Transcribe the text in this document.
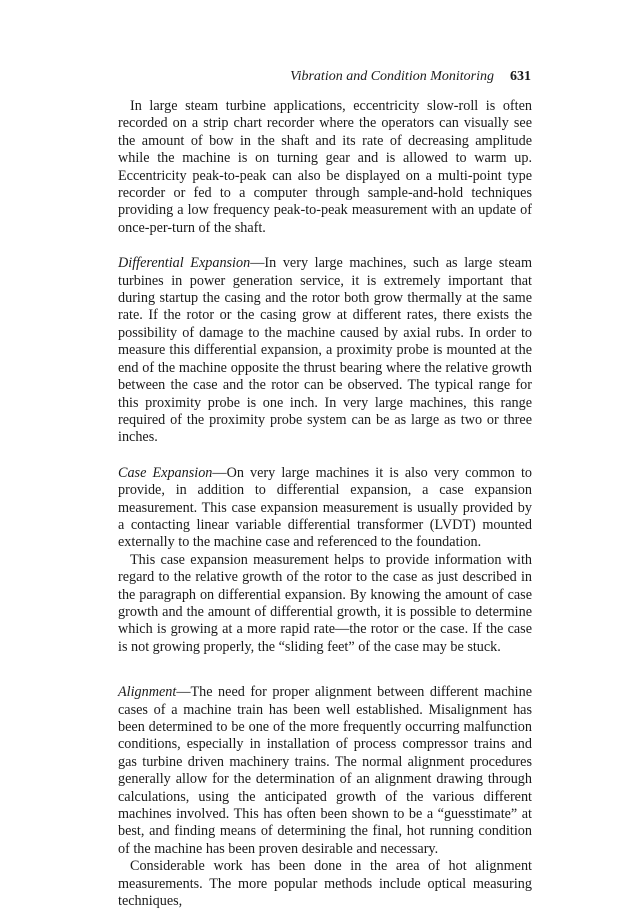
Vibration and Condition Monitoring 631

In large steam turbine applications, eccentricity slow-roll is often recorded on a strip chart recorder where the operators can visually see the amount of bow in the shaft and its rate of decreasing amplitude while the machine is on turning gear and is allowed to warm up. Eccentricity peak-to-peak can also be displayed on a multi-point type recorder or fed to a computer through sample-and-hold techniques providing a low frequency peak-to-peak measurement with an update of once-per-turn of the shaft.

Differential Expansion—In very large machines, such as large steam turbines in power generation service, it is extremely important that during startup the casing and the rotor both grow thermally at the same rate. If the rotor or the casing grow at different rates, there exists the possibility of damage to the machine caused by axial rubs. In order to measure this differential expansion, a proximity probe is mounted at the end of the machine opposite the thrust bearing where the relative growth between the case and the rotor can be observed. The typical range for this proximity probe is one inch. In very large machines, this range required of the proximity probe system can be as large as two or three inches.

Case Expansion—On very large machines it is also very common to provide, in addition to differential expansion, a case expansion measurement. This case expansion measurement is usually provided by a contacting linear variable differential transformer (LVDT) mounted externally to the machine case and referenced to the foundation.

This case expansion measurement helps to provide information with regard to the relative growth of the rotor to the case as just described in the paragraph on differential expansion. By knowing the amount of case growth and the amount of differential growth, it is possible to determine which is growing at a more rapid rate—the rotor or the case. If the case is not growing properly, the “sliding feet” of the case may be stuck.

Alignment—The need for proper alignment between different machine cases of a machine train has been well established. Misalignment has been determined to be one of the more frequently occurring malfunction conditions, especially in installation of process compressor trains and gas turbine driven machinery trains. The normal alignment procedures generally allow for the determination of an alignment drawing through calculations, using the anticipated growth of the various different machines involved. This has often been shown to be a “guesstimate” at best, and finding means of determining the final, hot running condition of the machine has been proven desirable and necessary.

Considerable work has been done in the area of hot alignment measurements. The more popular methods include optical measuring techniques,
